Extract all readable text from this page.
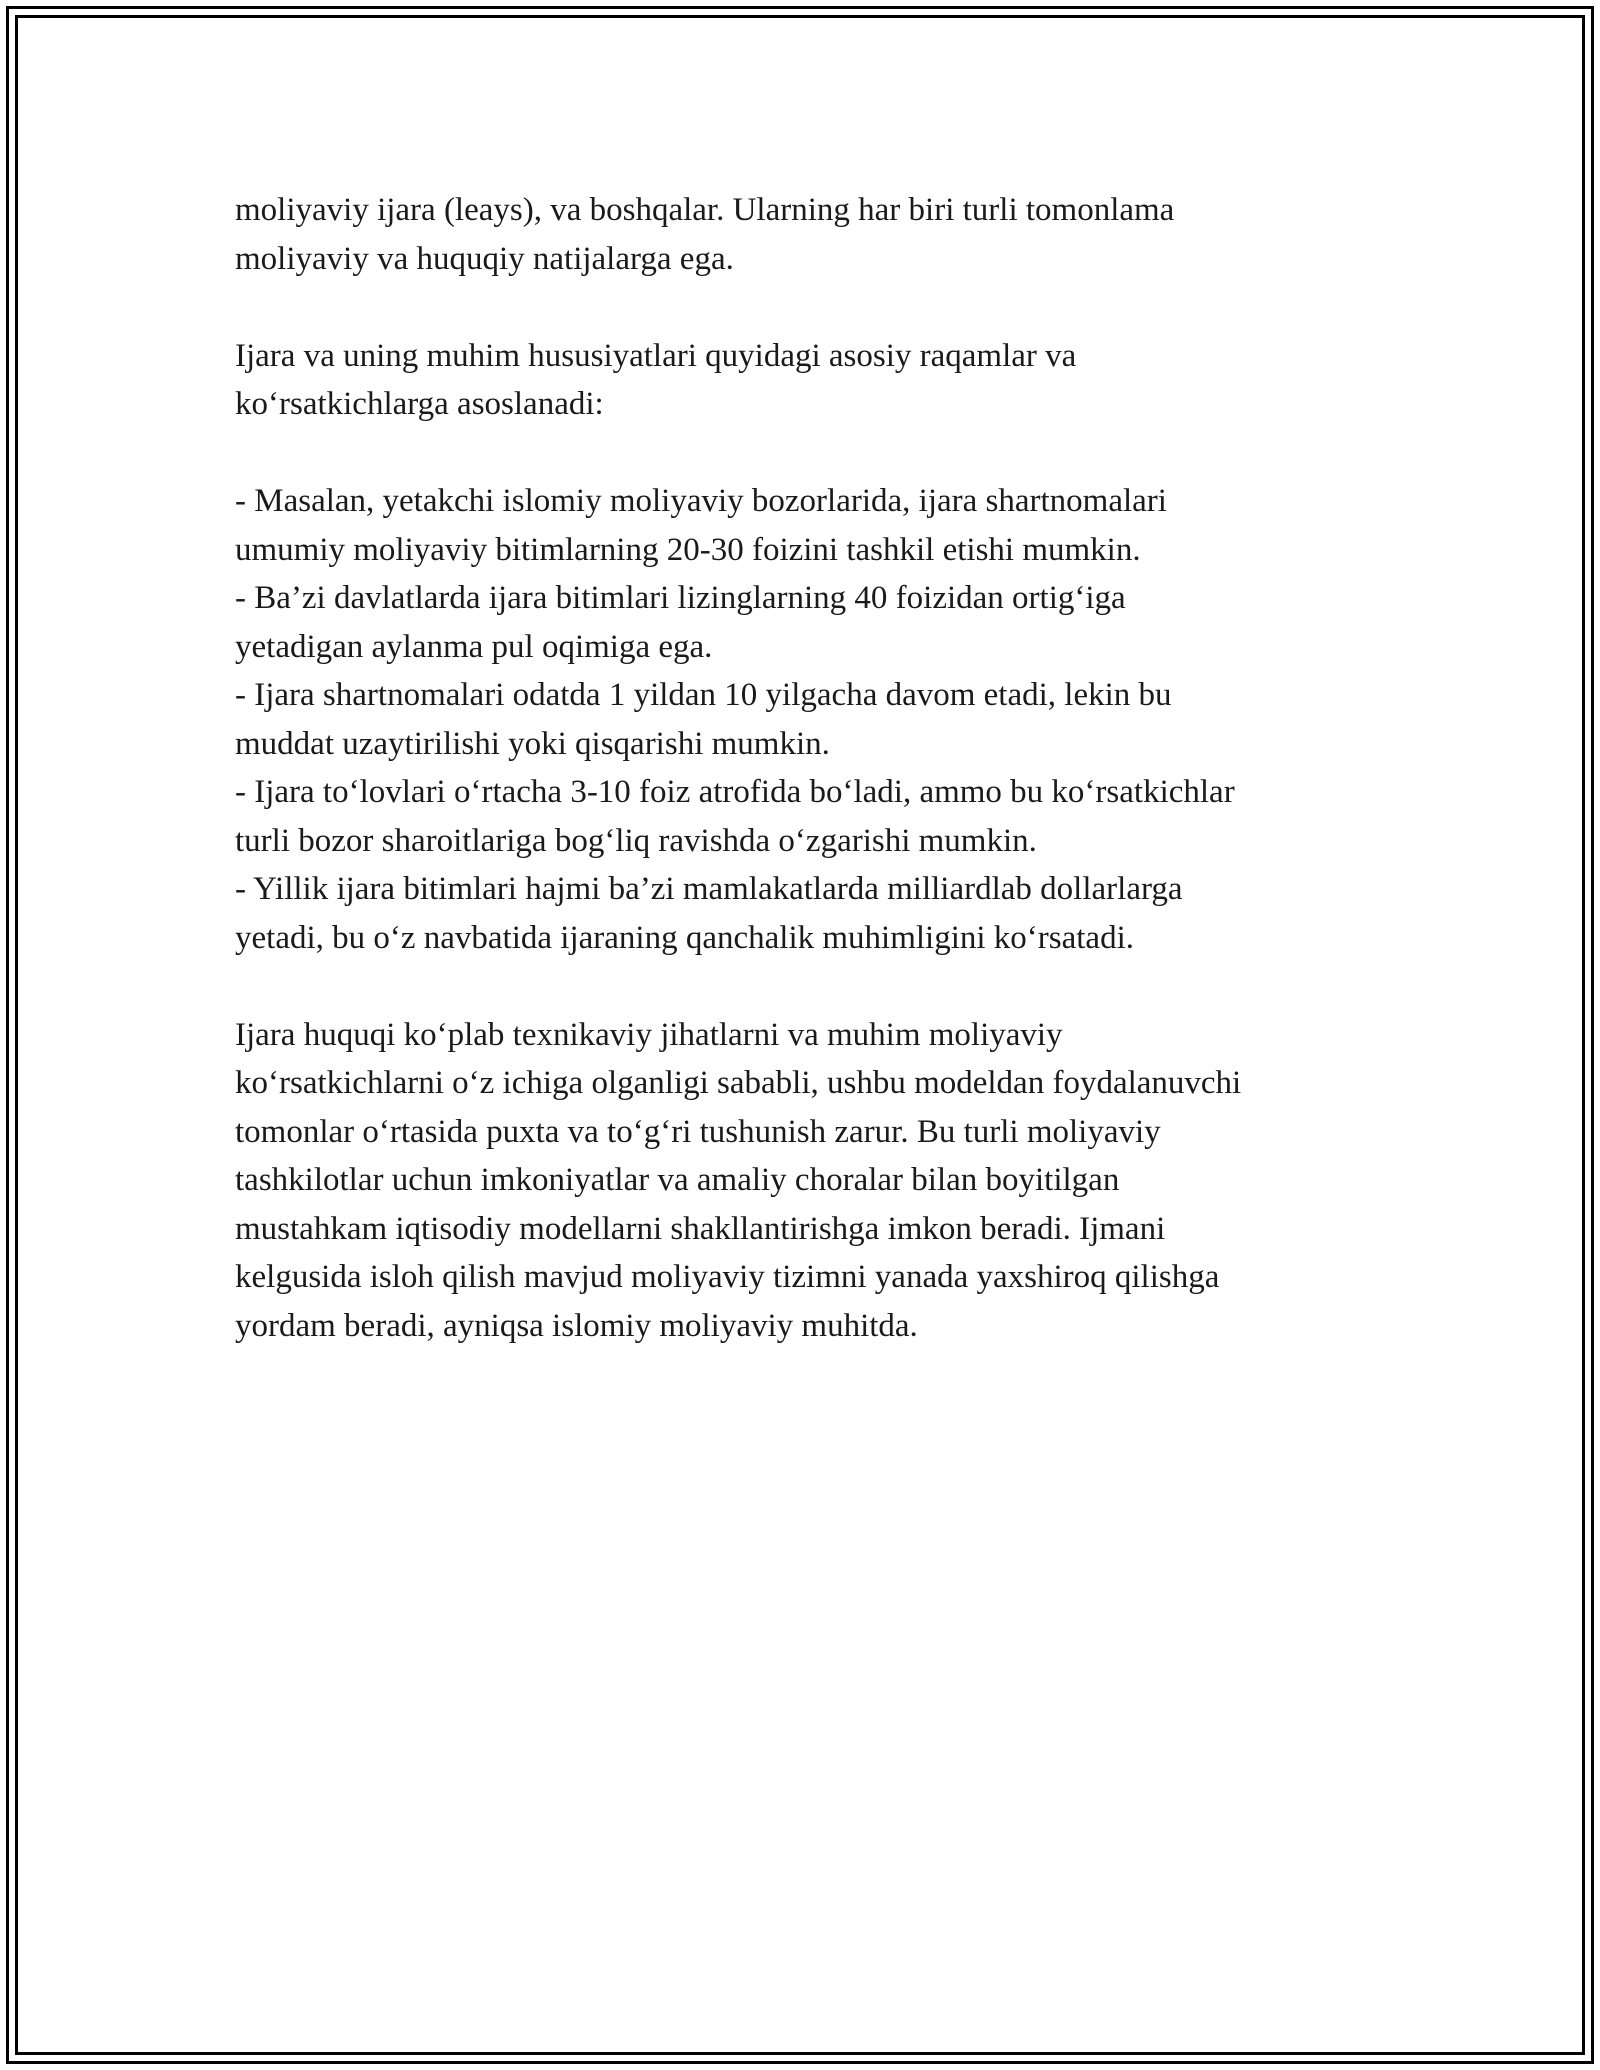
moliyaviy ijara (leays), va boshqalar. Ularning har biri turli tomonlama
moliyaviy va huquqiy natijalarga ega.

Ijara va uning muhim hususiyatlari quyidagi asosiy raqamlar va
ko‘rsatkichlarga asoslanadi:

- Masalan, yetakchi islomiy moliyaviy bozorlarida, ijara shartnomalari
umumiy moliyaviy bitimlarning 20-30 foizini tashkil etishi mumkin.
- Ba’zi davlatlarda ijara bitimlari lizinglarning 40 foizidan ortig‘iga
yetadigan aylanma pul oqimiga ega.
- Ijara shartnomalari odatda 1 yildan 10 yilgacha davom etadi, lekin bu
muddat uzaytirilishi yoki qisqarishi mumkin.
- Ijara to‘lovlari o‘rtacha 3-10 foiz atrofida bo‘ladi, ammo bu ko‘rsatkichlar
turli bozor sharoitlariga bog‘liq ravishda o‘zgarishi mumkin.
- Yillik ijara bitimlari hajmi ba’zi mamlakatlarda milliardlab dollarlarga
yetadi, bu o‘z navbatida ijaraning qanchalik muhimligini ko‘rsatadi.

Ijara huquqi ko‘plab texnikaviy jihatlarni va muhim moliyaviy
ko‘rsatkichlarni o‘z ichiga olganligi sababli, ushbu modeldan foydalanuvchi
tomonlar o‘rtasida puxta va to‘g‘ri tushunish zarur. Bu turli moliyaviy
tashkilotlar uchun imkoniyatlar va amaliy choralar bilan boyitilgan
mustahkam iqtisodiy modellarni shakllantirishga imkon beradi. Ijmani
kelgusida isloh qilish mavjud moliyaviy tizimni yanada yaxshiroq qilishga
yordam beradi, ayniqsa islomiy moliyaviy muhitda.
